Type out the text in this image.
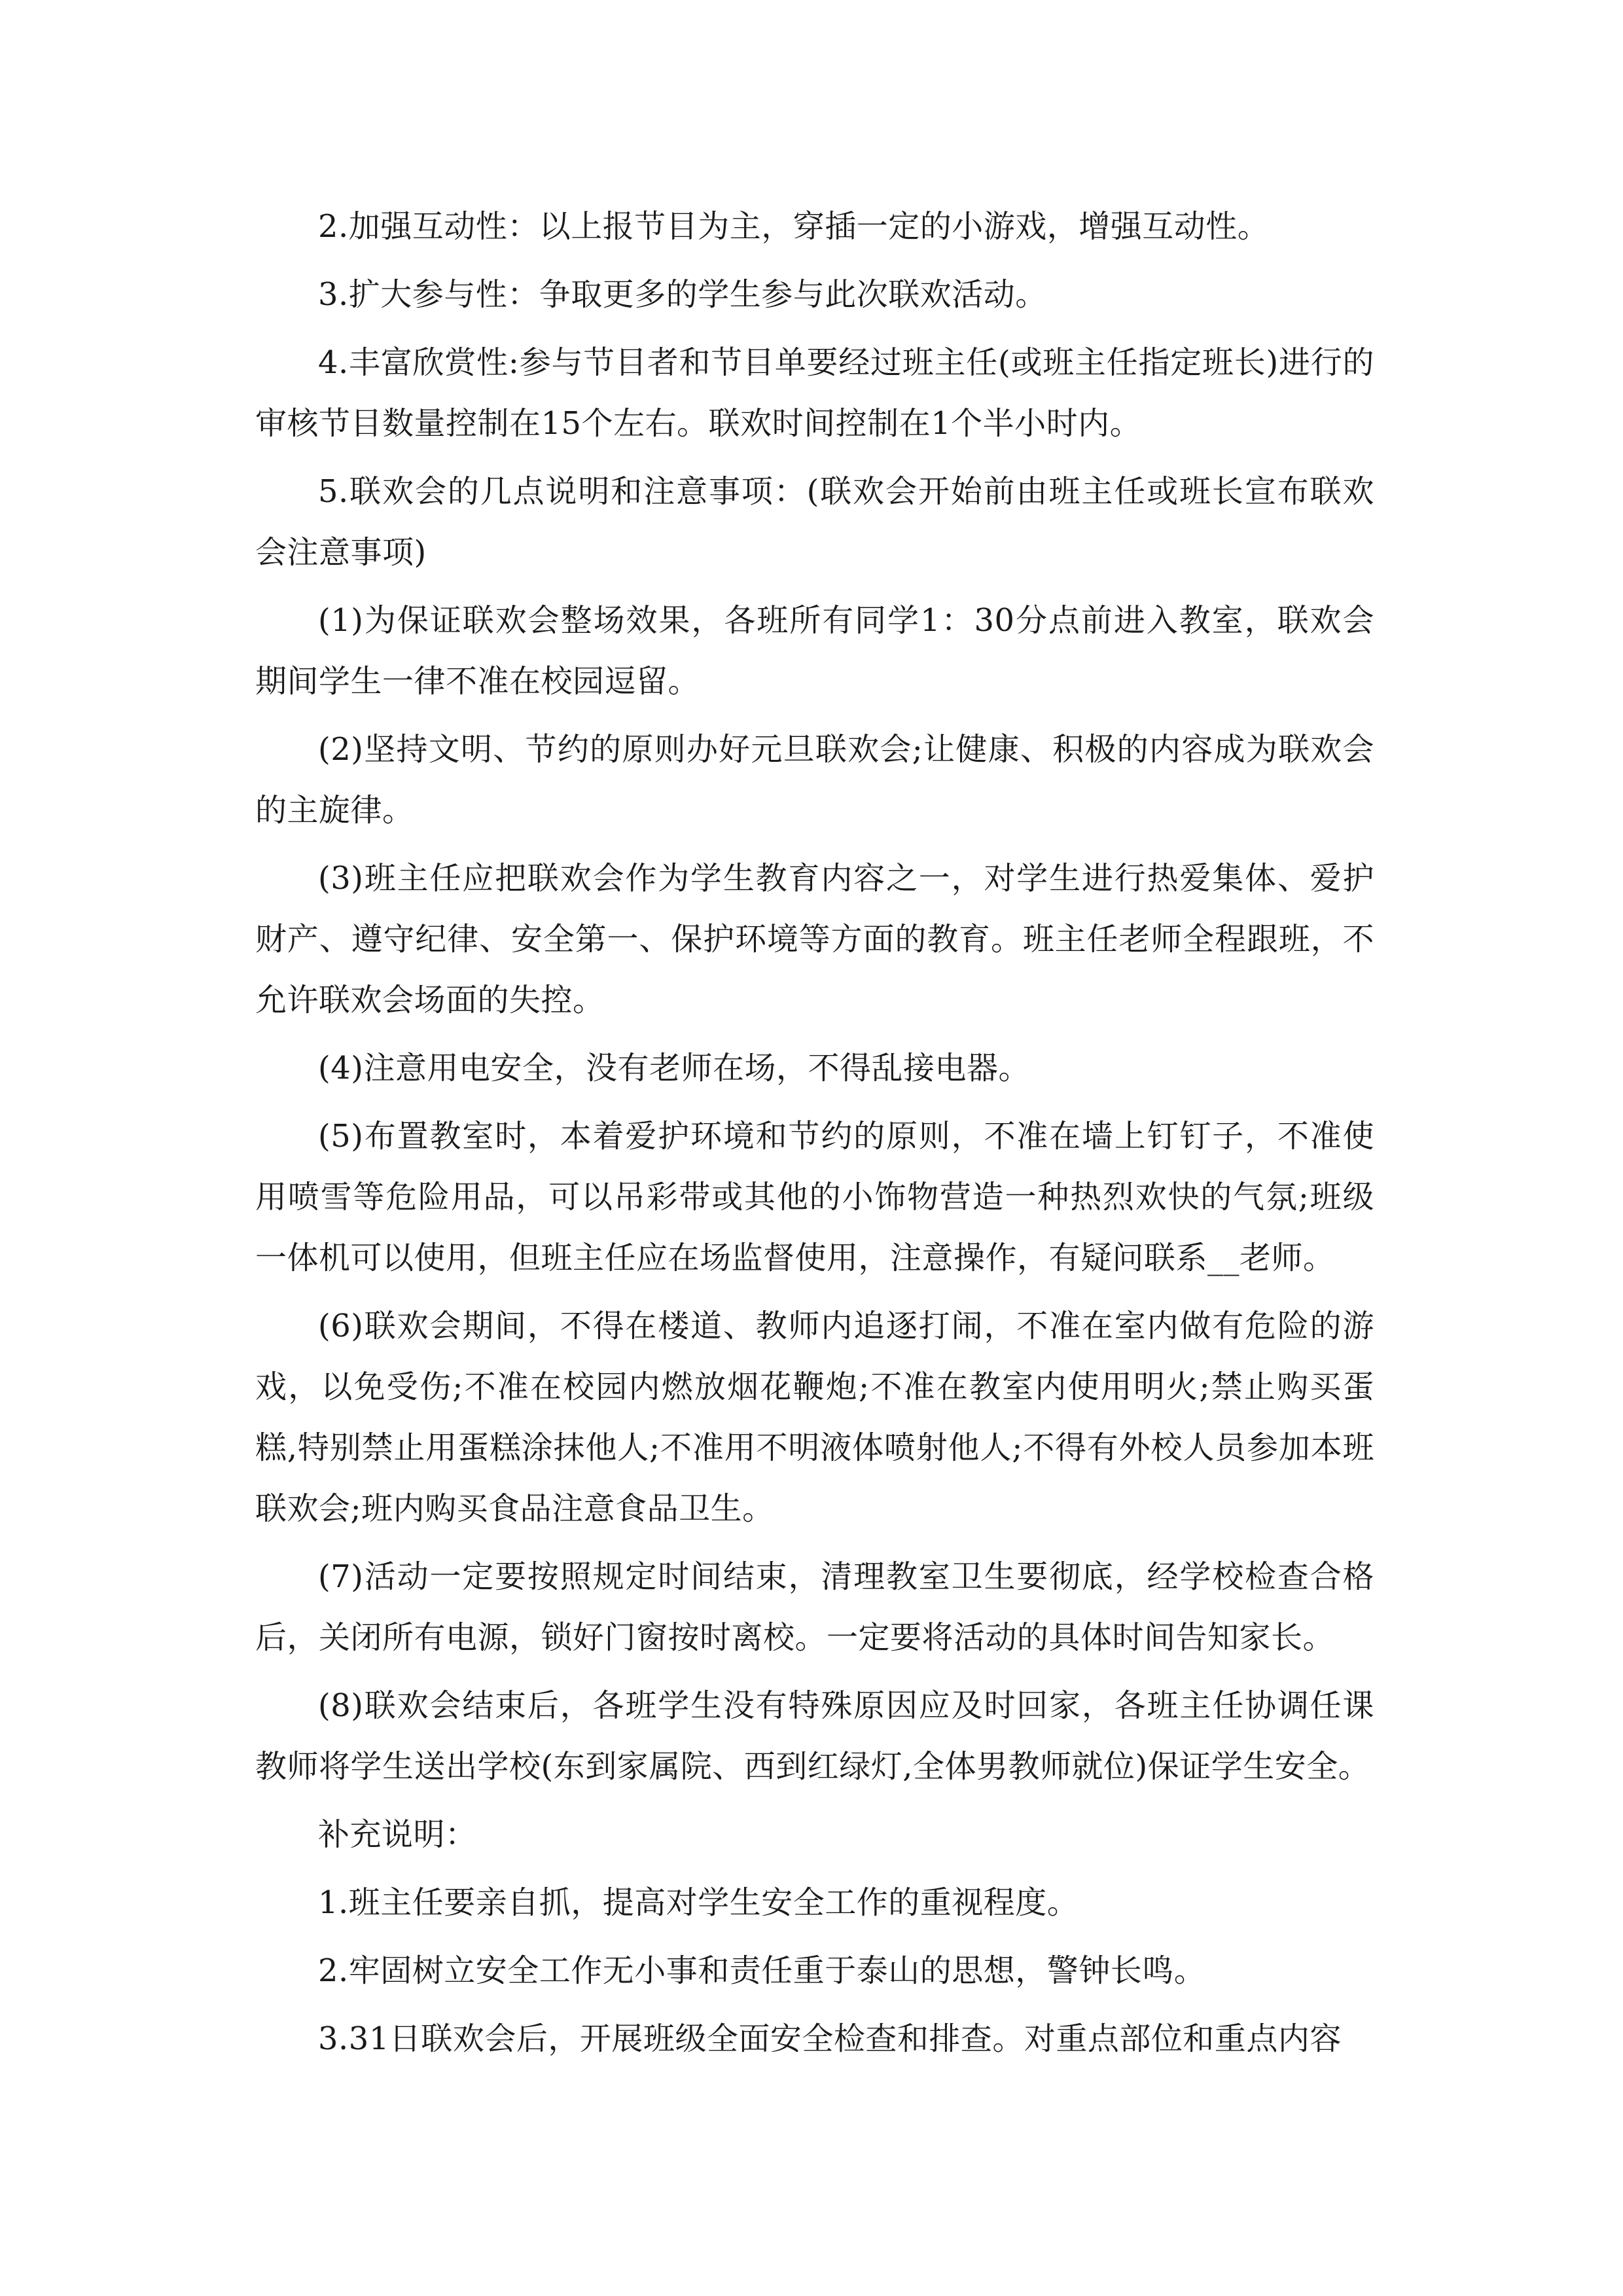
2.加强互动性：以上报节目为主，穿插一定的小游戏，增强互动性。

3.扩大参与性：争取更多的学生参与此次联欢活动。

4.丰富欣赏性:参与节目者和节目单要经过班主任(或班主任指定班长)进行的审核节目数量控制在15个左右。联欢时间控制在1个半小时内。

5.联欢会的几点说明和注意事项：(联欢会开始前由班主任或班长宣布联欢会注意事项)

(1)为保证联欢会整场效果，各班所有同学1：30分点前进入教室，联欢会期间学生一律不准在校园逗留。

(2)坚持文明、节约的原则办好元旦联欢会;让健康、积极的内容成为联欢会的主旋律。

(3)班主任应把联欢会作为学生教育内容之一，对学生进行热爱集体、爱护财产、遵守纪律、安全第一、保护环境等方面的教育。班主任老师全程跟班，不允许联欢会场面的失控。

(4)注意用电安全，没有老师在场，不得乱接电器。

(5)布置教室时，本着爱护环境和节约的原则，不准在墙上钉钉子，不准使用喷雪等危险用品，可以吊彩带或其他的小饰物营造一种热烈欢快的气氛;班级一体机可以使用，但班主任应在场监督使用，注意操作，有疑问联系__老师。

(6)联欢会期间，不得在楼道、教师内追逐打闹，不准在室内做有危险的游戏，以免受伤;不准在校园内燃放烟花鞭炮;不准在教室内使用明火;禁止购买蛋糕,特别禁止用蛋糕涂抹他人;不准用不明液体喷射他人;不得有外校人员参加本班联欢会;班内购买食品注意食品卫生。

(7)活动一定要按照规定时间结束，清理教室卫生要彻底，经学校检查合格后，关闭所有电源，锁好门窗按时离校。一定要将活动的具体时间告知家长。

(8)联欢会结束后，各班学生没有特殊原因应及时回家，各班主任协调任课教师将学生送出学校(东到家属院、西到红绿灯,全体男教师就位)保证学生安全。

补充说明：

1.班主任要亲自抓，提高对学生安全工作的重视程度。

2.牢固树立安全工作无小事和责任重于泰山的思想，警钟长鸣。

3.31日联欢会后，开展班级全面安全检查和排查。对重点部位和重点内容
